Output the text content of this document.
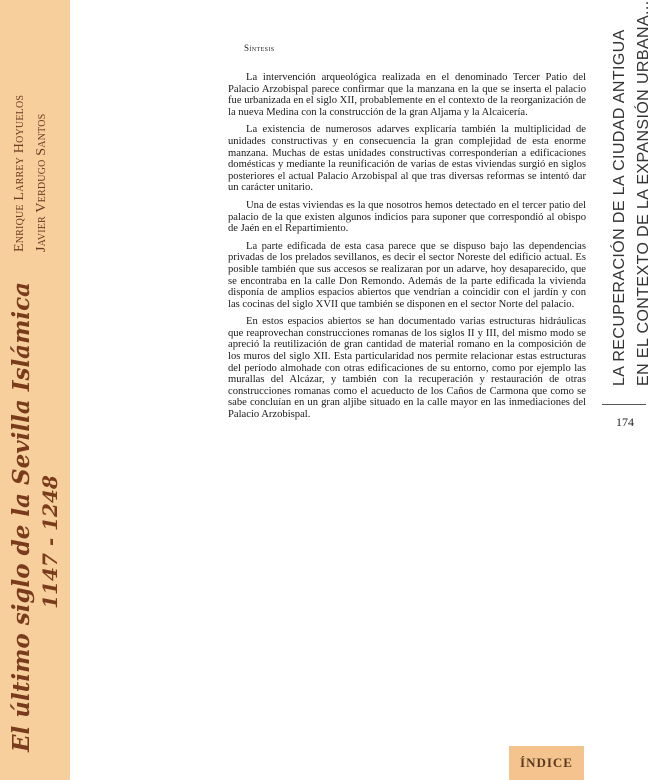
Enrique Larrey Hoyuelos Javier Verdugo Santos
El último siglo de la Sevilla Islámica 1147 - 1248
LA RECUPERACIÓN DE LA CIUDAD ANTIGUA EN EL CONTEXTO DE LA EXPANSIÓN URBANA...
174
Síntesis

La intervención arqueológica realizada en el denominado Tercer Patio del Palacio Arzobispal parece confirmar que la manzana en la que se inserta el palacio fue urbanizada en el siglo XII, probablemente en el contexto de la reorganización de la nueva Medina con la construcción de la gran Aljama y la Alcaicería.

La existencia de numerosos adarves explicaría también la multiplicidad de unidades constructivas y en consecuencia la gran complejidad de esta enorme manzana. Muchas de estas unidades constructivas corresponderían a edificaciones domésticas y mediante la reunificación de varias de estas viviendas surgió en siglos posteriores el actual Palacio Arzobispal al que tras diversas reformas se intentó dar un carácter unitario.

Una de estas viviendas es la que nosotros hemos detectado en el tercer patio del palacio de la que existen algunos indicios para suponer que correspondió al obispo de Jaén en el Repartimiento.

La parte edificada de esta casa parece que se dispuso bajo las dependencias privadas de los prelados sevillanos, es decir el sector Noreste del edificio actual. Es posible también que sus accesos se realizaran por un adarve, hoy desaparecido, que se encontraba en la calle Don Remondo. Además de la parte edificada la vivienda disponía de amplios espacios abiertos que vendrían a coincidir con el jardín y con las cocinas del siglo XVII que también se disponen en el sector Norte del palacio.

En estos espacios abiertos se han documentado varias estructuras hidráulicas que reaprovechan construcciones romanas de los siglos II y III, del mismo modo se apreció la reutilización de gran cantidad de material romano en la composición de los muros del siglo XII. Esta particularidad nos permite relacionar estas estructuras del período almohade con otras edificaciones de su entorno, como por ejemplo las murallas del Alcázar, y también con la recuperación y restauración de otras construcciones romanas como el acueducto de los Caños de Carmona que como se sabe concluían en un gran aljibe situado en la calle mayor en las inmediaciones del Palacio Arzobispal.

ÍNDICE
